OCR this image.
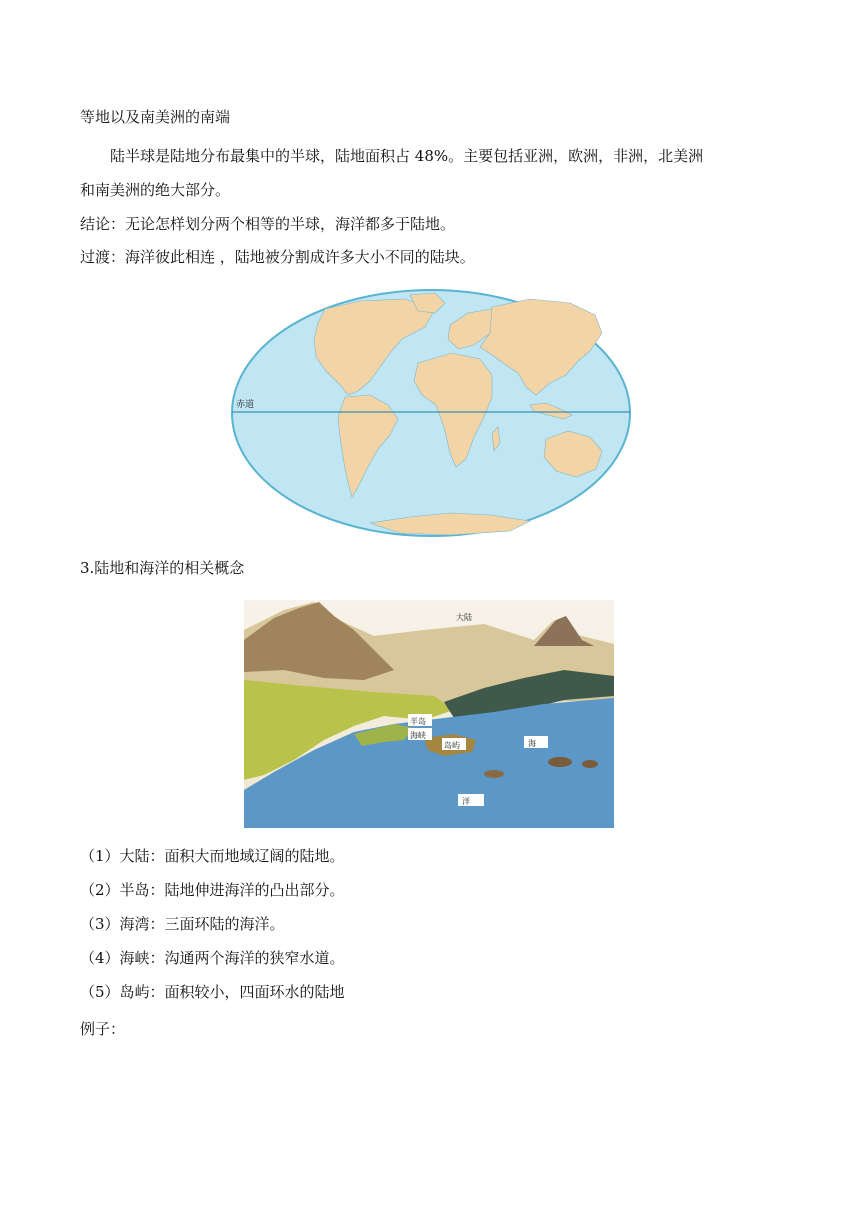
等地以及南美洲的南端
陆半球是陆地分布最集中的半球，陆地面积占 48%。主要包括亚洲，欧洲，非洲，北美洲
和南美洲的绝大部分。
结论：无论怎样划分两个相等的半球，海洋都多于陆地。
过渡：海洋彼此相连 ，陆地被分割成许多大小不同的陆块。
赤道
3.陆地和海洋的相关概念
大陆
半岛
海峡
岛屿	海
洋
（1）大陆：面积大而地域辽阔的陆地。
（2）半岛：陆地伸进海洋的凸出部分。
（3）海湾：三面环陆的海洋。
（4）海峡：沟通两个海洋的狭窄水道。
（5）岛屿：面积较小，四面环水的陆地
例子：
